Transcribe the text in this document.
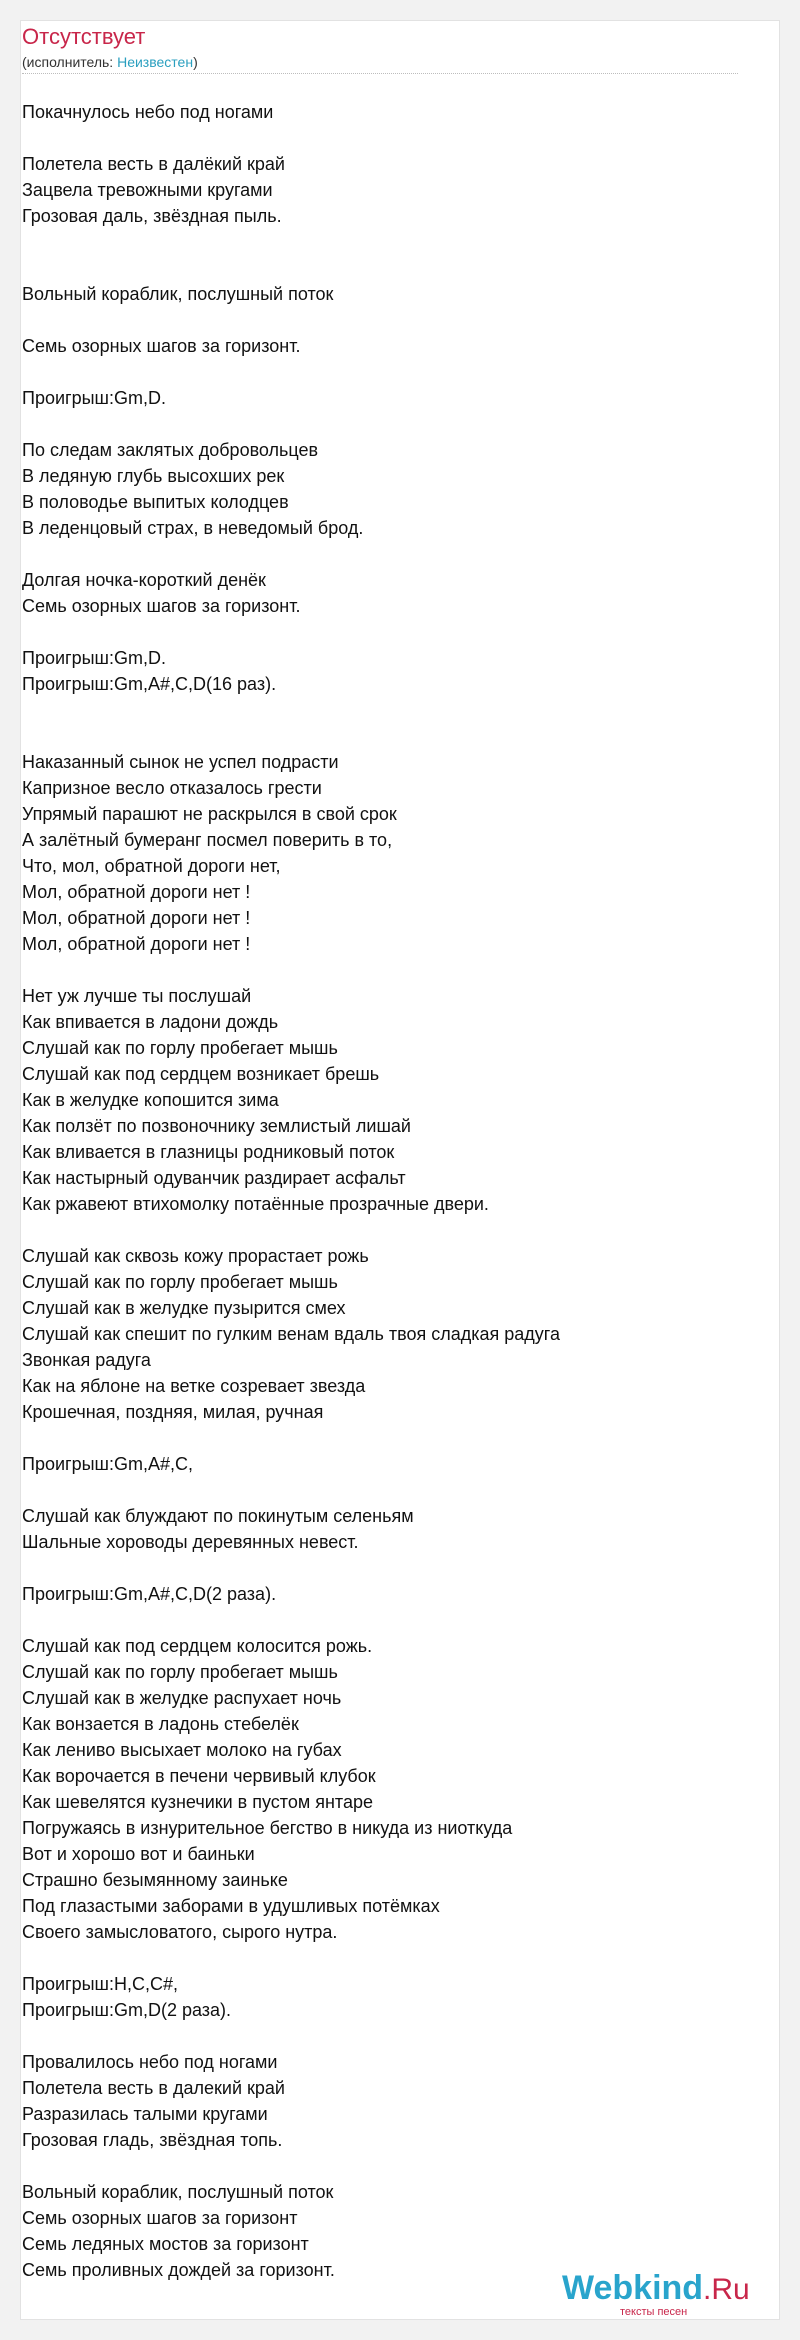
Отсутствует
(исполнитель: Неизвестен)
Покачнулось небо под ногами
Полетела весть в далёкий край
Зацвела тревожными кругами
Грозовая даль, звёздная пыль.
Вольный кораблик, послушный поток
Семь озорных шагов за горизонт.
Проигрыш:Gm,D.
По следам заклятых добровольцев
В ледяную глубь высохших рек
В половодье выпитых колодцев
В леденцовый страх, в неведомый брод.
Долгая ночка-короткий денёк
Семь озорных шагов за горизонт.
Проигрыш:Gm,D.
Проигрыш:Gm,A#,C,D(16 раз).
Наказанный сынок не успел подрасти
Капризное весло отказалось грести
Упрямый парашют не раскрылся в свой срок
А залётный бумеранг посмел поверить в то,
Что, мол, обратной дороги нет,
Мол, обратной дороги нет !
Мол, обратной дороги нет !
Мол, обратной дороги нет !
Нет уж лучше ты послушай
Как впивается в ладони дождь
Слушай как по горлу пробегает мышь
Слушай как под сердцем возникает брешь
Как в желудке копошится зима
Как ползёт по позвоночнику землистый лишай
Как вливается в глазницы родниковый поток
Как настырный одуванчик раздирает асфальт
Как ржавеют втихомолку потаённые прозрачные двери.
Слушай как сквозь кожу прорастает рожь
Слушай как по горлу пробегает мышь
Слушай как в желудке пузырится смех
Слушай как спешит по гулким венам вдаль твоя сладкая радуга
Звонкая радуга
Как на яблоне на ветке созревает звезда
Крошечная, поздняя, милая, ручная
Проигрыш:Gm,A#,C,
Слушай как блуждают по покинутым селеньям
Шальные хороводы деревянных невест.
Проигрыш:Gm,A#,C,D(2 раза).
Слушай как под сердцем колосится рожь.
Слушай как по горлу пробегает мышь
Слушай как в желудке распухает ночь
Как вонзается в ладонь стебелёк
Как лениво высыхает молоко на губах
Как ворочается в печени червивый клубок
Как шевелятся кузнечики в пустом янтаре
Погружаясь в изнурительное бегство в никуда из ниоткуда
Вот и хорошо вот и баиньки
Страшно безымянному заиньке
Под глазастыми заборами в удушливых потёмках
Своего замысловатого, сырого нутра.
Проигрыш:H,C,C#,
Проигрыш:Gm,D(2 раза).
Провалилось небо под ногами
Полетела весть в далекий край
Разразилась талыми кругами
Грозовая гладь, звёздная топь.
Вольный кораблик, послушный поток
Семь озорных шагов за горизонт
Семь ледяных мостов за горизонт
Семь проливных дождей за горизонт.	Webkind.Ru
тексты песен
